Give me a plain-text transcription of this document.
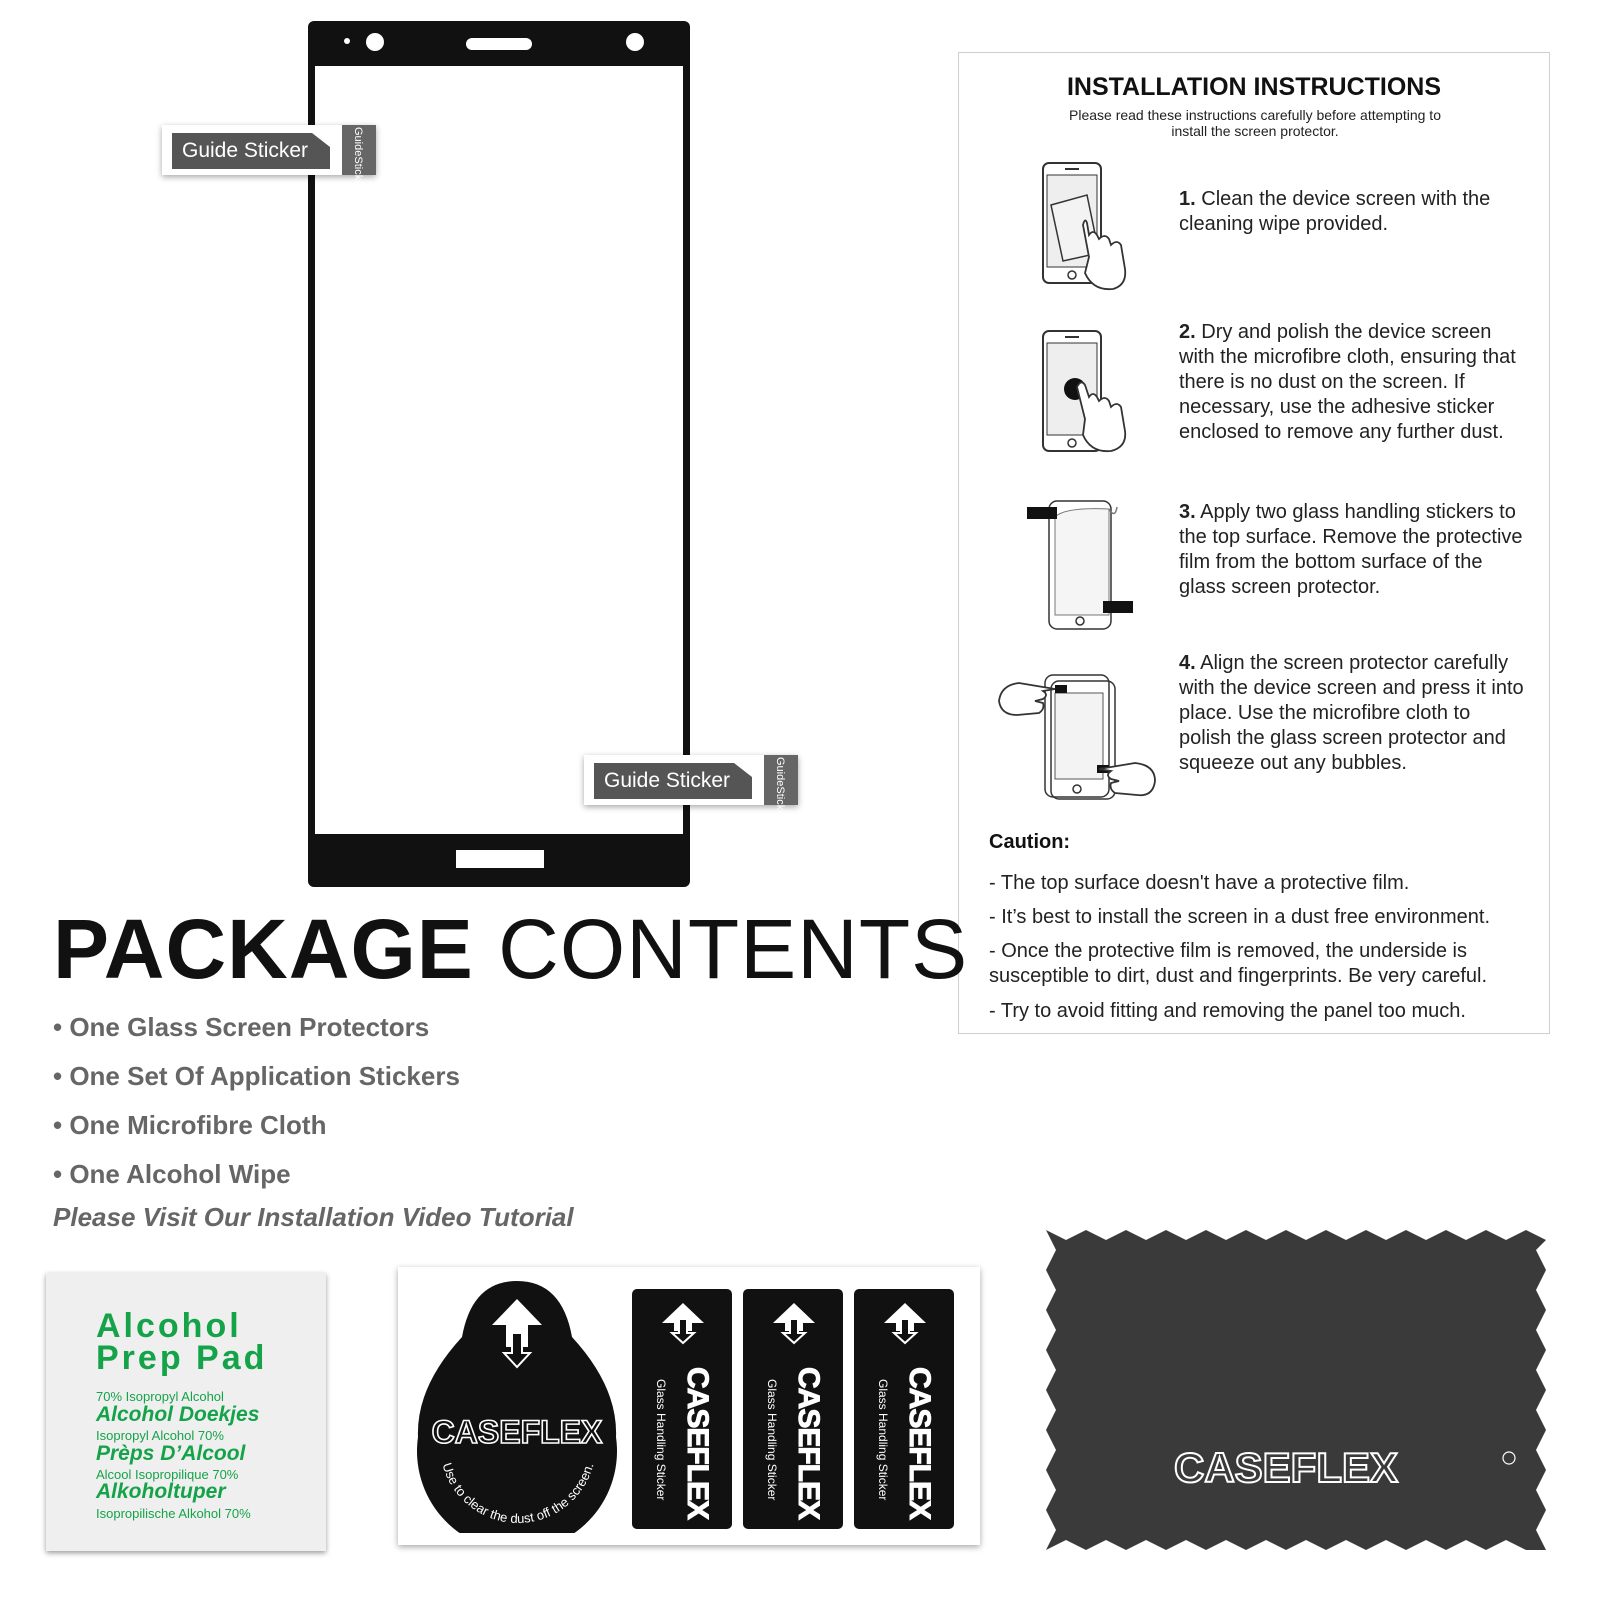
Guide Sticker	GuideSticker
Guide Sticker	GuideSticker
INSTALLATION INSTRUCTIONS
Please read these instructions carefully before attempting to install the screen protector.
1. Clean the device screen with the cleaning wipe provided.
2. Dry and polish the device screen with the microfibre cloth, ensuring that there is no dust on the screen. If necessary, use the adhesive sticker enclosed to remove any further dust.
3. Apply two glass handling stickers to the top surface. Remove the protective film from the bottom surface of the glass screen protector.
4. Align the screen protector carefully with the device screen and press it into place. Use the microfibre cloth to polish the glass screen protector and squeeze out any bubbles.
Caution:
- The top surface doesn't have a protective film.
- It’s best to install the screen in a dust free environment.
- Once the protective film is removed, the underside is susceptible to dirt, dust and fingerprints. Be very careful.
- Try to avoid fitting and removing the panel too much.
PACKAGE CONTENTS
• One Glass Screen Protectors
• One Set Of Application Stickers
• One Microfibre Cloth
• One Alcohol Wipe
Please Visit Our Installation Video Tutorial
Alcohol
Prep Pad
70% Isopropyl Alcohol
Alcohol Doekjes
Isopropyl Alcohol 70%
Prèps D’Alcool
Alcool Isopropilique 70%
Alkoholtuper
Isopropilische Alkohol 70%
CASEFLEX
Use to clear the dust off the screen.	Glass Handling Sticker CASEFLEX	Glass Handling Sticker CASEFLEX	Glass Handling Sticker CASEFLEX	CASEFLEX
